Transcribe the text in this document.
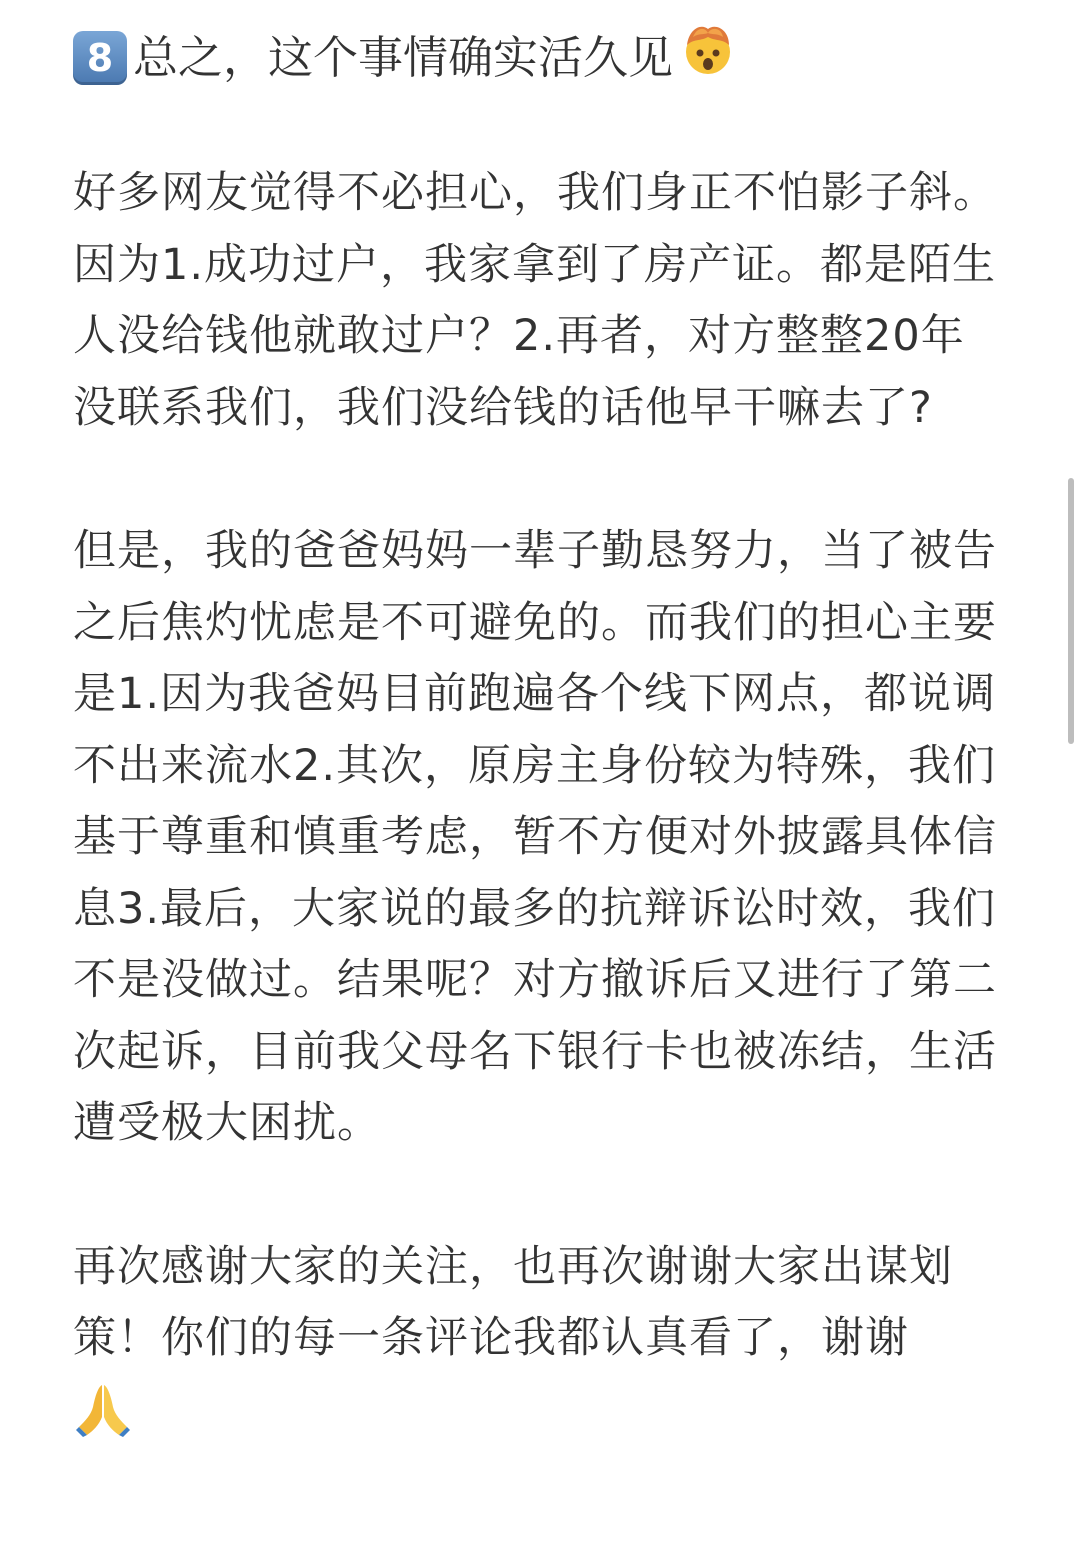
8 总之，这个事情确实活久见

好多网友觉得不必担心，我们身正不怕影子斜。因为1.成功过户，我家拿到了房产证。都是陌生人没给钱他就敢过户？2.再者，对方整整20年没联系我们，我们没给钱的话他早干嘛去了?

但是，我的爸爸妈妈一辈子勤恳努力，当了被告之后焦灼忧虑是不可避免的。而我们的担心主要是1.因为我爸妈目前跑遍各个线下网点，都说调不出来流水2.其次，原房主身份较为特殊，我们基于尊重和慎重考虑，暂不方便对外披露具体信息3.最后，大家说的最多的抗辩诉讼时效，我们不是没做过。结果呢？对方撤诉后又进行了第二次起诉，目前我父母名下银行卡也被冻结，生活遭受极大困扰。

再次感谢大家的关注，也再次谢谢大家出谋划策！你们的每一条评论我都认真看了，谢谢
